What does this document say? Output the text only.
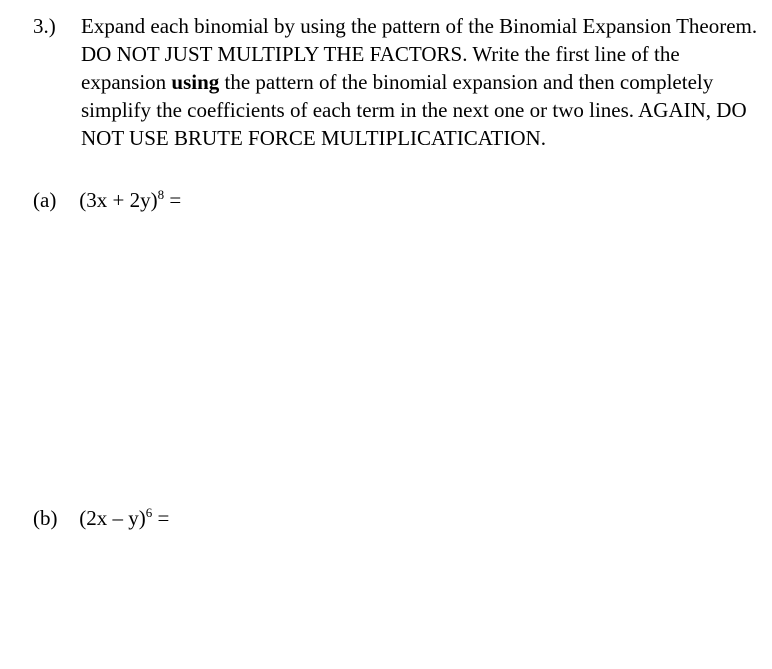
3.) Expand each binomial by using the pattern of the Binomial Expansion Theorem. DO NOT JUST MULTIPLY THE FACTORS. Write the first line of the expansion using the pattern of the binomial expansion and then completely simplify the coefficients of each term in the next one or two lines. AGAIN, DO NOT USE BRUTE FORCE MULTIPLICATICATION.
(a) $(3x + 2y)^8$ =
(b) (2x – y)$^6$ =
